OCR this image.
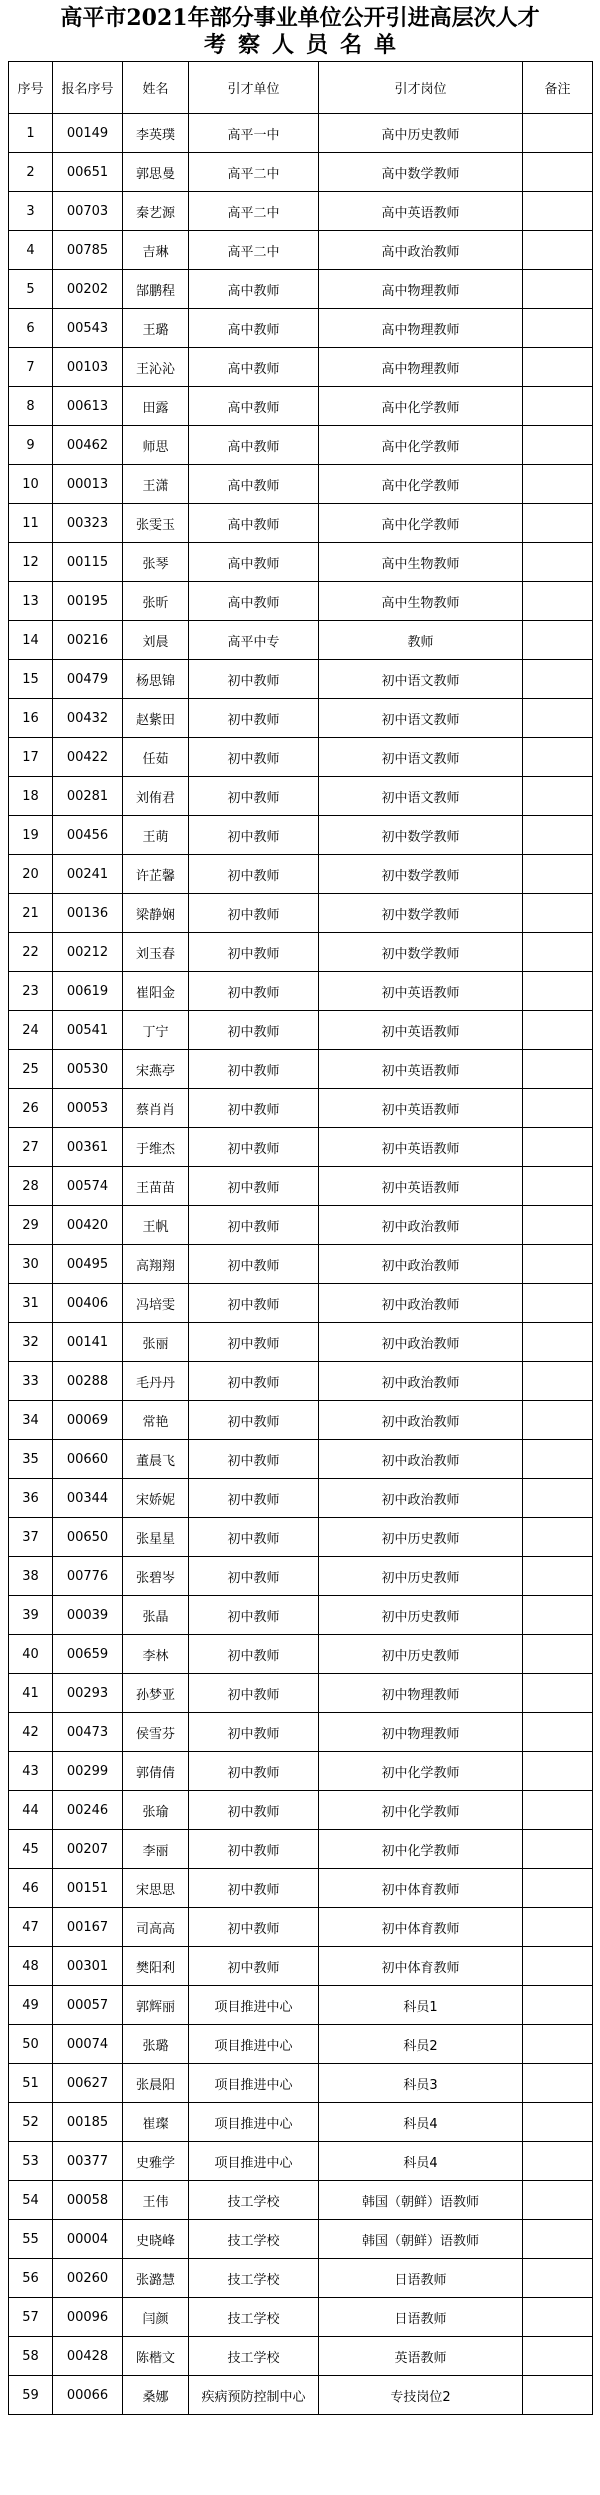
高平市2021年部分事业单位公开引进高层次人才
考察人员名单
序号	报名序号	姓名	引才单位	引才岗位	备注
1	00149	李英璞	高平一中	高中历史教师	
2	00651	郭思曼	高平二中	高中数学教师	
3	00703	秦艺源	高平二中	高中英语教师	
4	00785	吉琳	高平二中	高中政治教师	
5	00202	郜鹏程	高中教师	高中物理教师	
6	00543	王璐	高中教师	高中物理教师	
7	00103	王沁沁	高中教师	高中物理教师	
8	00613	田露	高中教师	高中化学教师	
9	00462	师思	高中教师	高中化学教师	
10	00013	王潇	高中教师	高中化学教师	
11	00323	张雯玉	高中教师	高中化学教师	
12	00115	张琴	高中教师	高中生物教师	
13	00195	张昕	高中教师	高中生物教师	
14	00216	刘晨	高平中专	教师	
15	00479	杨思锦	初中教师	初中语文教师	
16	00432	赵紫田	初中教师	初中语文教师	
17	00422	任茹	初中教师	初中语文教师	
18	00281	刘侑君	初中教师	初中语文教师	
19	00456	王萌	初中教师	初中数学教师	
20	00241	许芷馨	初中教师	初中数学教师	
21	00136	梁静娴	初中教师	初中数学教师	
22	00212	刘玉春	初中教师	初中数学教师	
23	00619	崔阳金	初中教师	初中英语教师	
24	00541	丁宁	初中教师	初中英语教师	
25	00530	宋燕亭	初中教师	初中英语教师	
26	00053	蔡肖肖	初中教师	初中英语教师	
27	00361	于维杰	初中教师	初中英语教师	
28	00574	王苗苗	初中教师	初中英语教师	
29	00420	王帆	初中教师	初中政治教师	
30	00495	高翔翔	初中教师	初中政治教师	
31	00406	冯培雯	初中教师	初中政治教师	
32	00141	张丽	初中教师	初中政治教师	
33	00288	毛丹丹	初中教师	初中政治教师	
34	00069	常艳	初中教师	初中政治教师	
35	00660	董晨飞	初中教师	初中政治教师	
36	00344	宋娇妮	初中教师	初中政治教师	
37	00650	张星星	初中教师	初中历史教师	
38	00776	张碧岑	初中教师	初中历史教师	
39	00039	张晶	初中教师	初中历史教师	
40	00659	李林	初中教师	初中历史教师	
41	00293	孙梦亚	初中教师	初中物理教师	
42	00473	侯雪芬	初中教师	初中物理教师	
43	00299	郭倩倩	初中教师	初中化学教师	
44	00246	张瑜	初中教师	初中化学教师	
45	00207	李丽	初中教师	初中化学教师	
46	00151	宋思思	初中教师	初中体育教师	
47	00167	司高高	初中教师	初中体育教师	
48	00301	樊阳利	初中教师	初中体育教师	
49	00057	郭辉丽	项目推进中心	科员1	
50	00074	张璐	项目推进中心	科员2	
51	00627	张晨阳	项目推进中心	科员3	
52	00185	崔璨	项目推进中心	科员4	
53	00377	史雅学	项目推进中心	科员4	
54	00058	王伟	技工学校	韩国（朝鲜）语教师	
55	00004	史晓峰	技工学校	韩国（朝鲜）语教师	
56	00260	张潞慧	技工学校	日语教师	
57	00096	闫颜	技工学校	日语教师	
58	00428	陈楷文	技工学校	英语教师	
59	00066	桑娜	疾病预防控制中心	专技岗位2	
